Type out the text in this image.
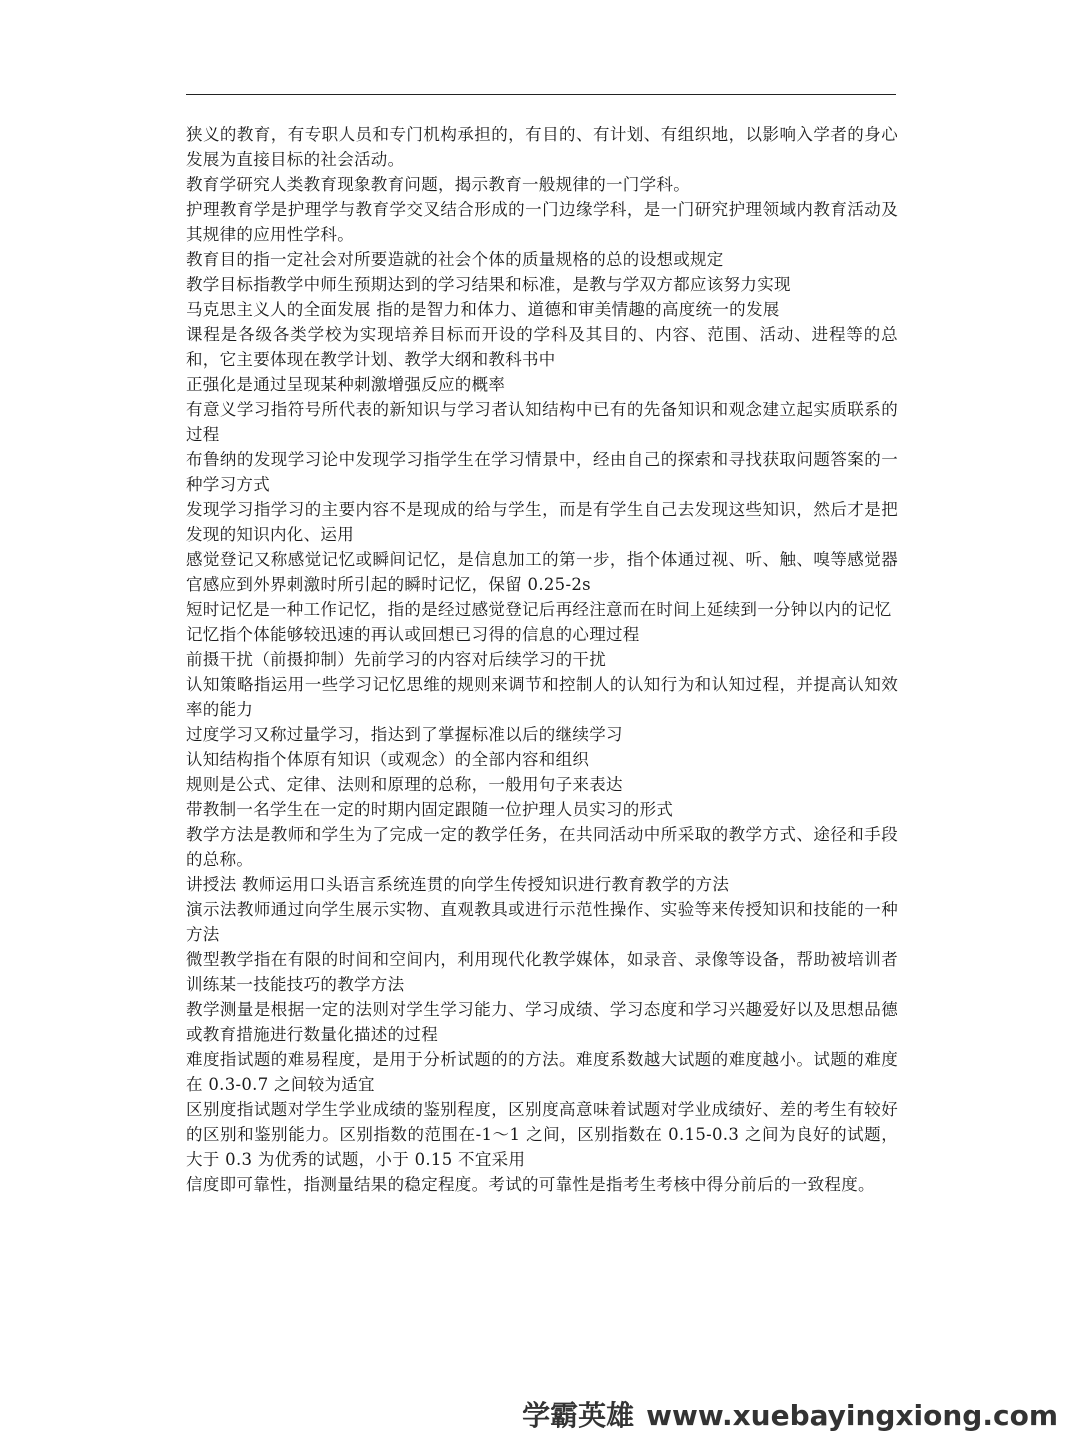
狭义的教育，有专职人员和专门机构承担的，有目的、有计划、有组织地，以影响入学者的身心发展为直接目标的社会活动。

教育学研究人类教育现象教育问题，揭示教育一般规律的一门学科。

护理教育学是护理学与教育学交叉结合形成的一门边缘学科，是一门研究护理领域内教育活动及其规律的应用性学科。

教育目的指一定社会对所要造就的社会个体的质量规格的总的设想或规定

教学目标指教学中师生预期达到的学习结果和标准，是教与学双方都应该努力实现

马克思主义人的全面发展 指的是智力和体力、道德和审美情趣的高度统一的发展

课程是各级各类学校为实现培养目标而开设的学科及其目的、内容、范围、活动、进程等的总和，它主要体现在教学计划、教学大纲和教科书中

正强化是通过呈现某种刺激增强反应的概率

有意义学习指符号所代表的新知识与学习者认知结构中已有的先备知识和观念建立起实质联系的过程

布鲁纳的发现学习论中发现学习指学生在学习情景中，经由自己的探索和寻找获取问题答案的一种学习方式

发现学习指学习的主要内容不是现成的给与学生，而是有学生自己去发现这些知识，然后才是把发现的知识内化、运用

感觉登记又称感觉记忆或瞬间记忆，是信息加工的第一步，指个体通过视、听、触、嗅等感觉器官感应到外界刺激时所引起的瞬时记忆，保留 0.25-2s

短时记忆是一种工作记忆，指的是经过感觉登记后再经注意而在时间上延续到一分钟以内的记忆

记忆指个体能够较迅速的再认或回想已习得的信息的心理过程

前摄干扰（前摄抑制）先前学习的内容对后续学习的干扰

认知策略指运用一些学习记忆思维的规则来调节和控制人的认知行为和认知过程，并提高认知效率的能力

过度学习又称过量学习，指达到了掌握标准以后的继续学习

认知结构指个体原有知识（或观念）的全部内容和组织

规则是公式、定律、法则和原理的总称，一般用句子来表达

带教制一名学生在一定的时期内固定跟随一位护理人员实习的形式

教学方法是教师和学生为了完成一定的教学任务，在共同活动中所采取的教学方式、途径和手段的总称。

讲授法 教师运用口头语言系统连贯的向学生传授知识进行教育教学的方法

演示法教师通过向学生展示实物、直观教具或进行示范性操作、实验等来传授知识和技能的一种方法

微型教学指在有限的时间和空间内，利用现代化教学媒体，如录音、录像等设备，帮助被培训者训练某一技能技巧的教学方法

教学测量是根据一定的法则对学生学习能力、学习成绩、学习态度和学习兴趣爱好以及思想品德或教育措施进行数量化描述的过程

难度指试题的难易程度，是用于分析试题的的方法。难度系数越大试题的难度越小。试题的难度在 0.3-0.7 之间较为适宜

区别度指试题对学生学业成绩的鉴别程度，区别度高意味着试题对学业成绩好、差的考生有较好的区别和鉴别能力。区别指数的范围在-1～1 之间，区别指数在 0.15-0.3 之间为良好的试题，大于 0.3 为优秀的试题，小于 0.15 不宜采用

信度即可靠性，指测量结果的稳定程度。考试的可靠性是指考生考核中得分前后的一致程度。

学霸英雄 www.xuebayingxiong.com
